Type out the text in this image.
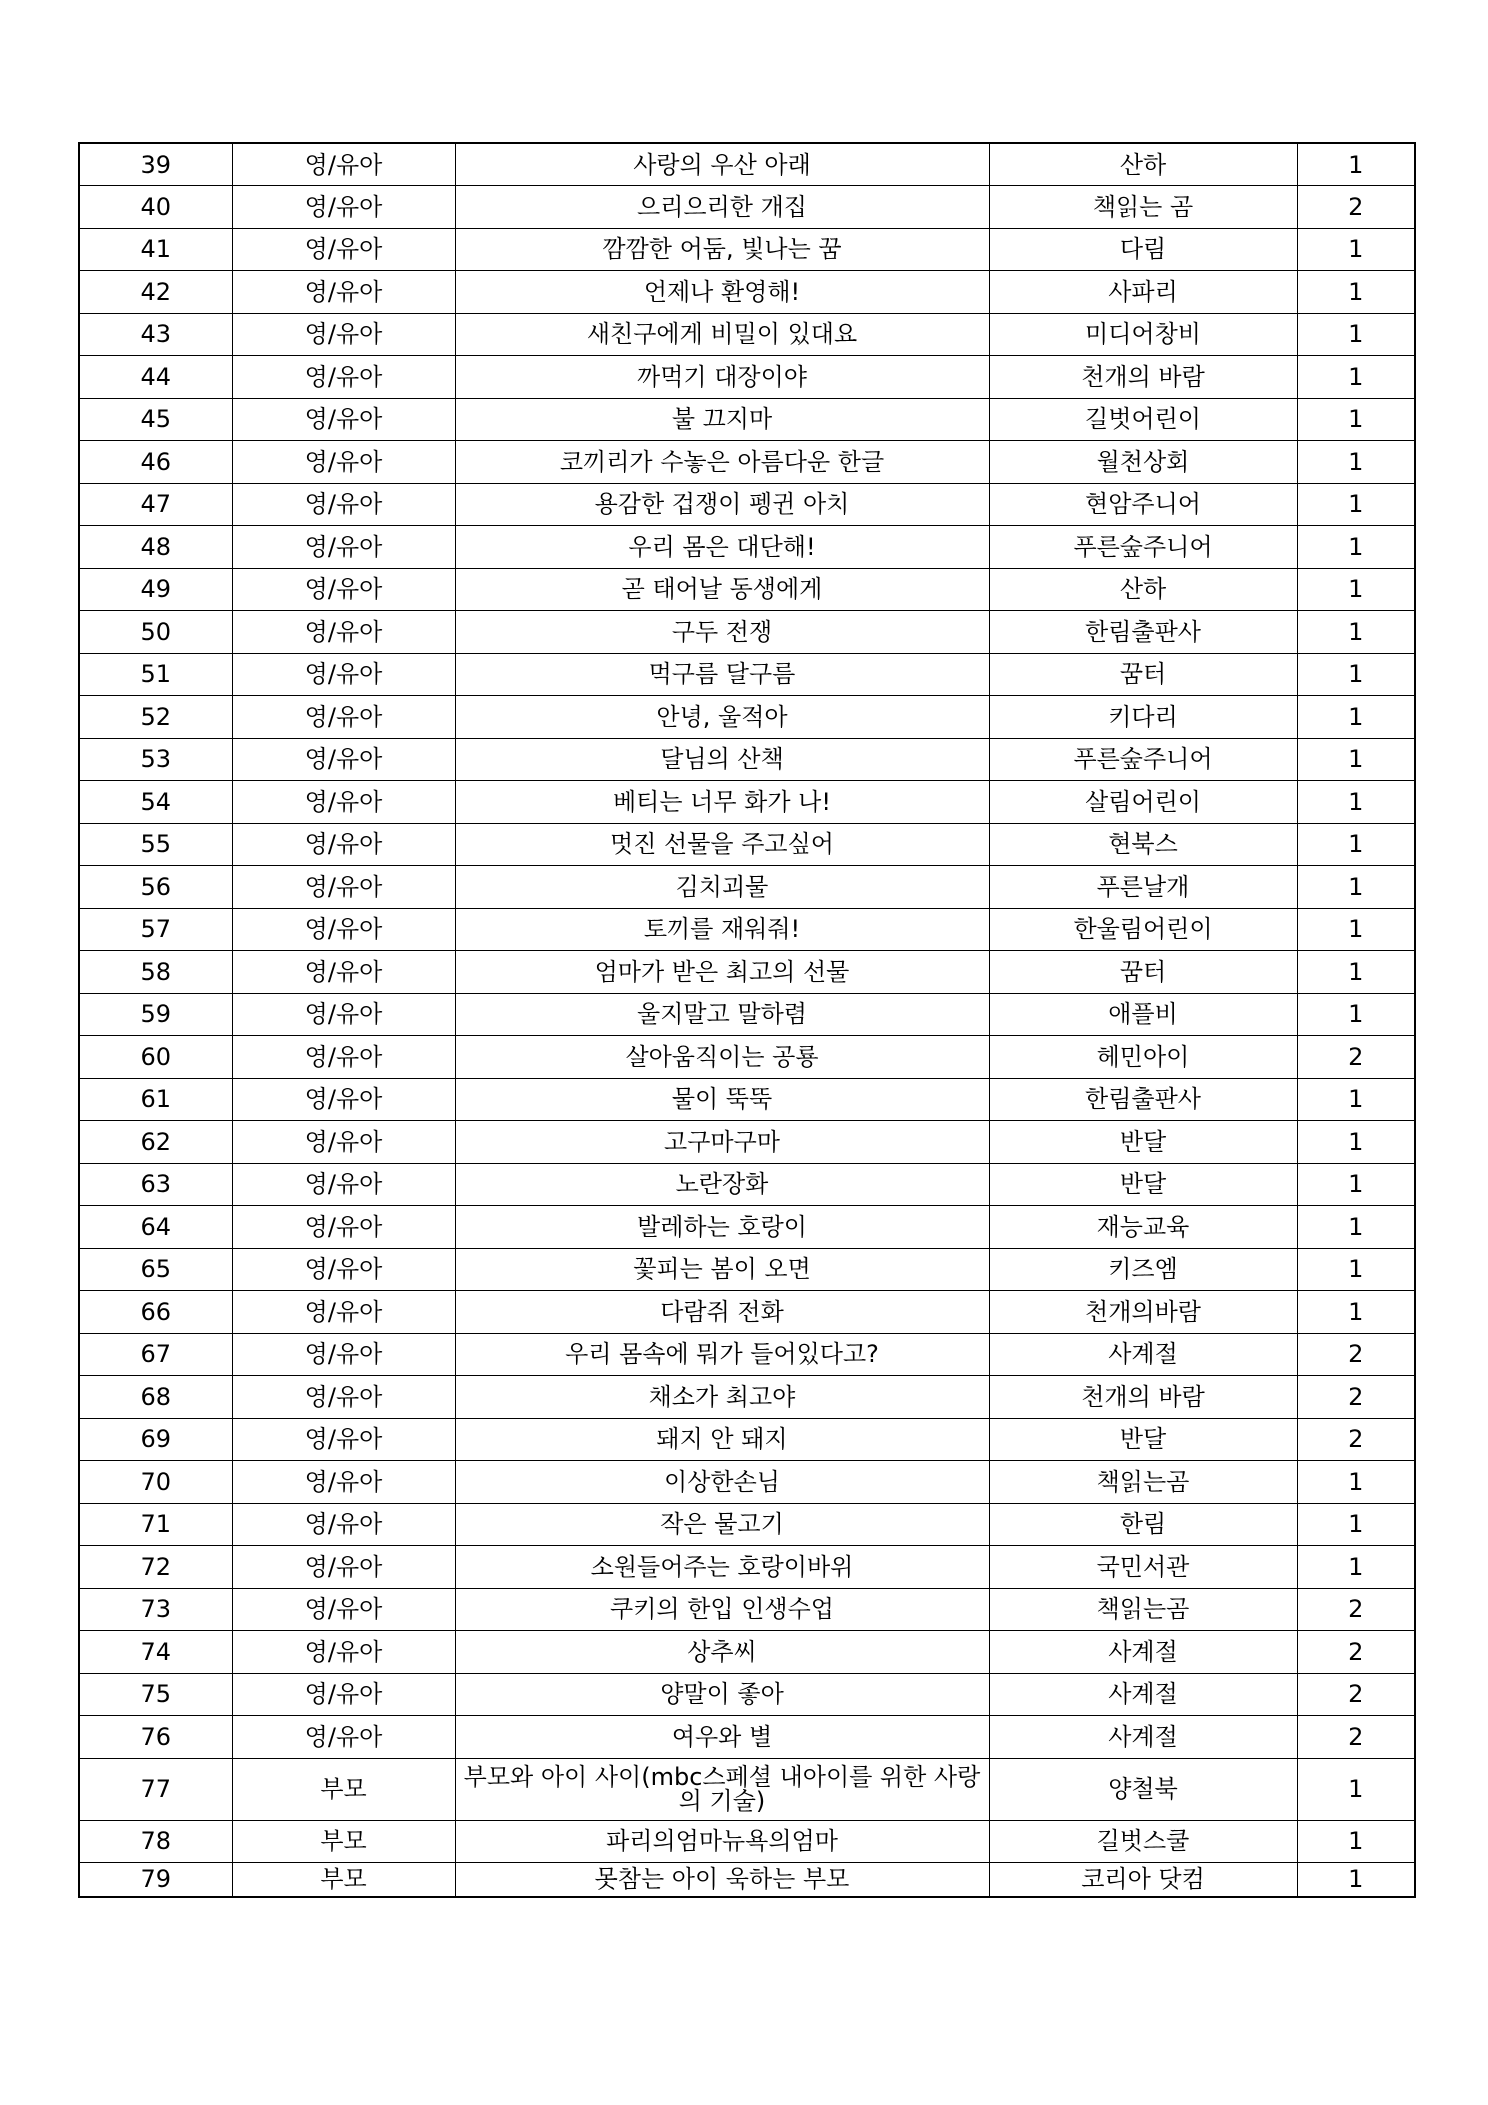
39	영/유아	사랑의 우산 아래	산하	1
40	영/유아	으리으리한 개집	책읽는 곰	2
41	영/유아	깜깜한 어둠, 빛나는 꿈	다림	1
42	영/유아	언제나 환영해!	사파리	1
43	영/유아	새친구에게 비밀이 있대요	미디어창비	1
44	영/유아	까먹기 대장이야	천개의 바람	1
45	영/유아	불 끄지마	길벗어린이	1
46	영/유아	코끼리가 수놓은 아름다운 한글	월천상회	1
47	영/유아	용감한 겁쟁이 펭귄 아치	현암주니어	1
48	영/유아	우리 몸은 대단해!	푸른숲주니어	1
49	영/유아	곧 태어날 동생에게	산하	1
50	영/유아	구두 전쟁	한림출판사	1
51	영/유아	먹구름 달구름	꿈터	1
52	영/유아	안녕, 울적아	키다리	1
53	영/유아	달님의 산책	푸른숲주니어	1
54	영/유아	베티는 너무 화가 나!	살림어린이	1
55	영/유아	멋진 선물을 주고싶어	현북스	1
56	영/유아	김치괴물	푸른날개	1
57	영/유아	토끼를 재워줘!	한울림어린이	1
58	영/유아	엄마가 받은 최고의 선물	꿈터	1
59	영/유아	울지말고 말하렴	애플비	1
60	영/유아	살아움직이는 공룡	헤민아이	2
61	영/유아	물이 뚝뚝	한림출판사	1
62	영/유아	고구마구마	반달	1
63	영/유아	노란장화	반달	1
64	영/유아	발레하는 호랑이	재능교육	1
65	영/유아	꽃피는 봄이 오면	키즈엠	1
66	영/유아	다람쥐 전화	천개의바람	1
67	영/유아	우리 몸속에 뭐가 들어있다고?	사계절	2
68	영/유아	채소가 최고야	천개의 바람	2
69	영/유아	돼지 안 돼지	반달	2
70	영/유아	이상한손님	책읽는곰	1
71	영/유아	작은 물고기	한림	1
72	영/유아	소원들어주는 호랑이바위	국민서관	1
73	영/유아	쿠키의 한입 인생수업	책읽는곰	2
74	영/유아	상추씨	사계절	2
75	영/유아	양말이 좋아	사계절	2
76	영/유아	여우와 별	사계절	2
77	부모	부모와 아이 사이(mbc스페셜 내아이를 위한 사랑의 기술)	양철북	1
78	부모	파리의엄마뉴욕의엄마	길벗스쿨	1
79	부모	못참는 아이 욱하는 부모	코리아 닷컴	1
